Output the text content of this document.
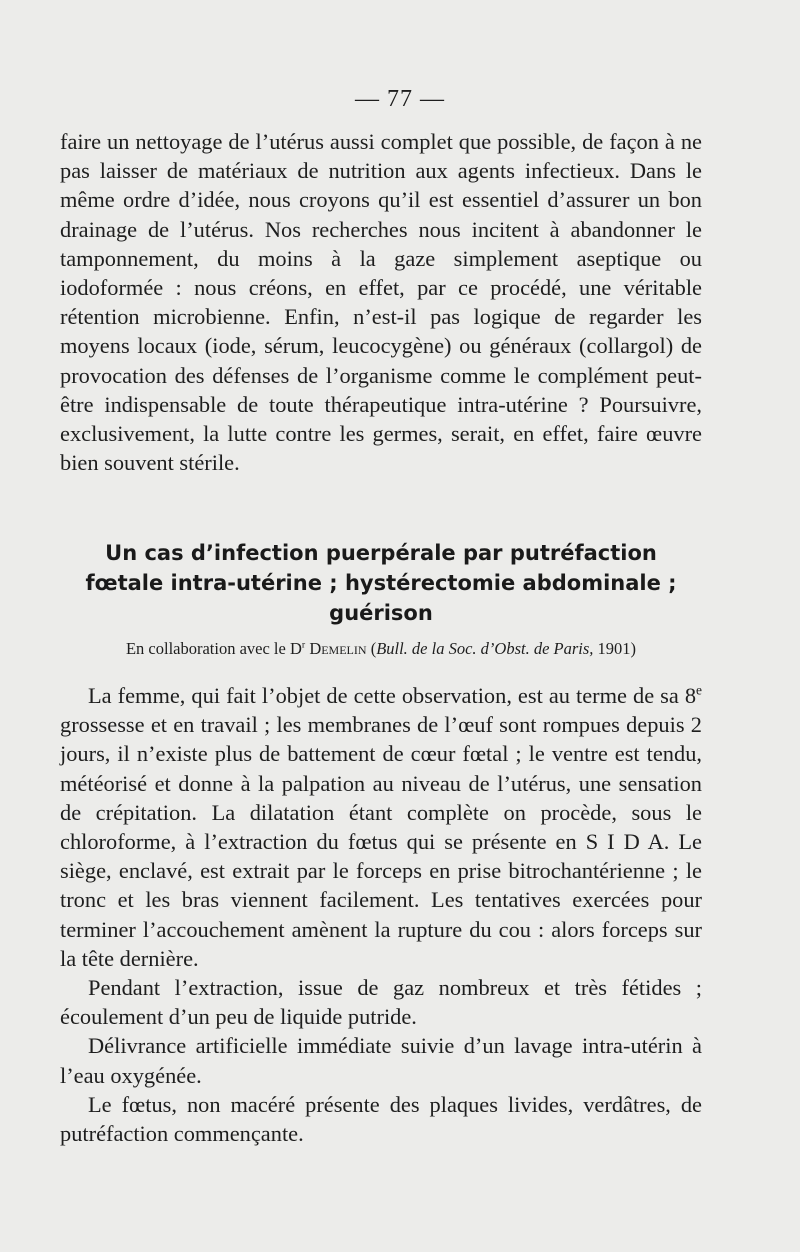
— 77 —

faire un nettoyage de l’utérus aussi complet que possible, de façon à ne pas laisser de matériaux de nutrition aux agents infectieux. Dans le même ordre d’idée, nous croyons qu’il est essentiel d’assurer un bon drainage de l’utérus. Nos recherches nous incitent à abandonner le tamponnement, du moins à la gaze simplement aseptique ou iodoformée : nous créons, en effet, par ce procédé, une véritable rétention microbienne. Enfin, n’est-il pas logique de regarder les moyens locaux (iode, sérum, leucocygène) ou généraux (collargol) de provocation des défenses de l’organisme comme le complément peut-être indispensable de toute thérapeutique intra-utérine ? Poursuivre, exclusivement, la lutte contre les germes, serait, en effet, faire œuvre bien souvent stérile.

Un cas d’infection puerpérale par putréfaction
fœtale intra-utérine ; hystérectomie abdominale ;
guérison
En collaboration avec le $D^r$ Demelin (Bull. de la Soc. d’Obst. de Paris, 1901)

La femme, qui fait l’objet de cette observation, est au terme de sa 8e grossesse et en travail ; les membranes de l’œuf sont rompues depuis 2 jours, il n’existe plus de battement de cœur fœtal ; le ventre est tendu, météorisé et donne à la palpation au niveau de l’utérus, une sensation de crépitation. La dilatation étant complète on procède, sous le chloroforme, à l’extraction du fœtus qui se présente en S I D A. Le siège, enclavé, est extrait par le forceps en prise bitrochantérienne ; le tronc et les bras viennent facilement. Les tentatives exercées pour terminer l’accouchement amènent la rupture du cou : alors forceps sur la tête dernière.

Pendant l’extraction, issue de gaz nombreux et très fétides ; écoulement d’un peu de liquide putride.

Délivrance artificielle immédiate suivie d’un lavage intra-utérin à l’eau oxygénée.

Le fœtus, non macéré présente des plaques livides, verdâtres, de putréfaction commençante.
